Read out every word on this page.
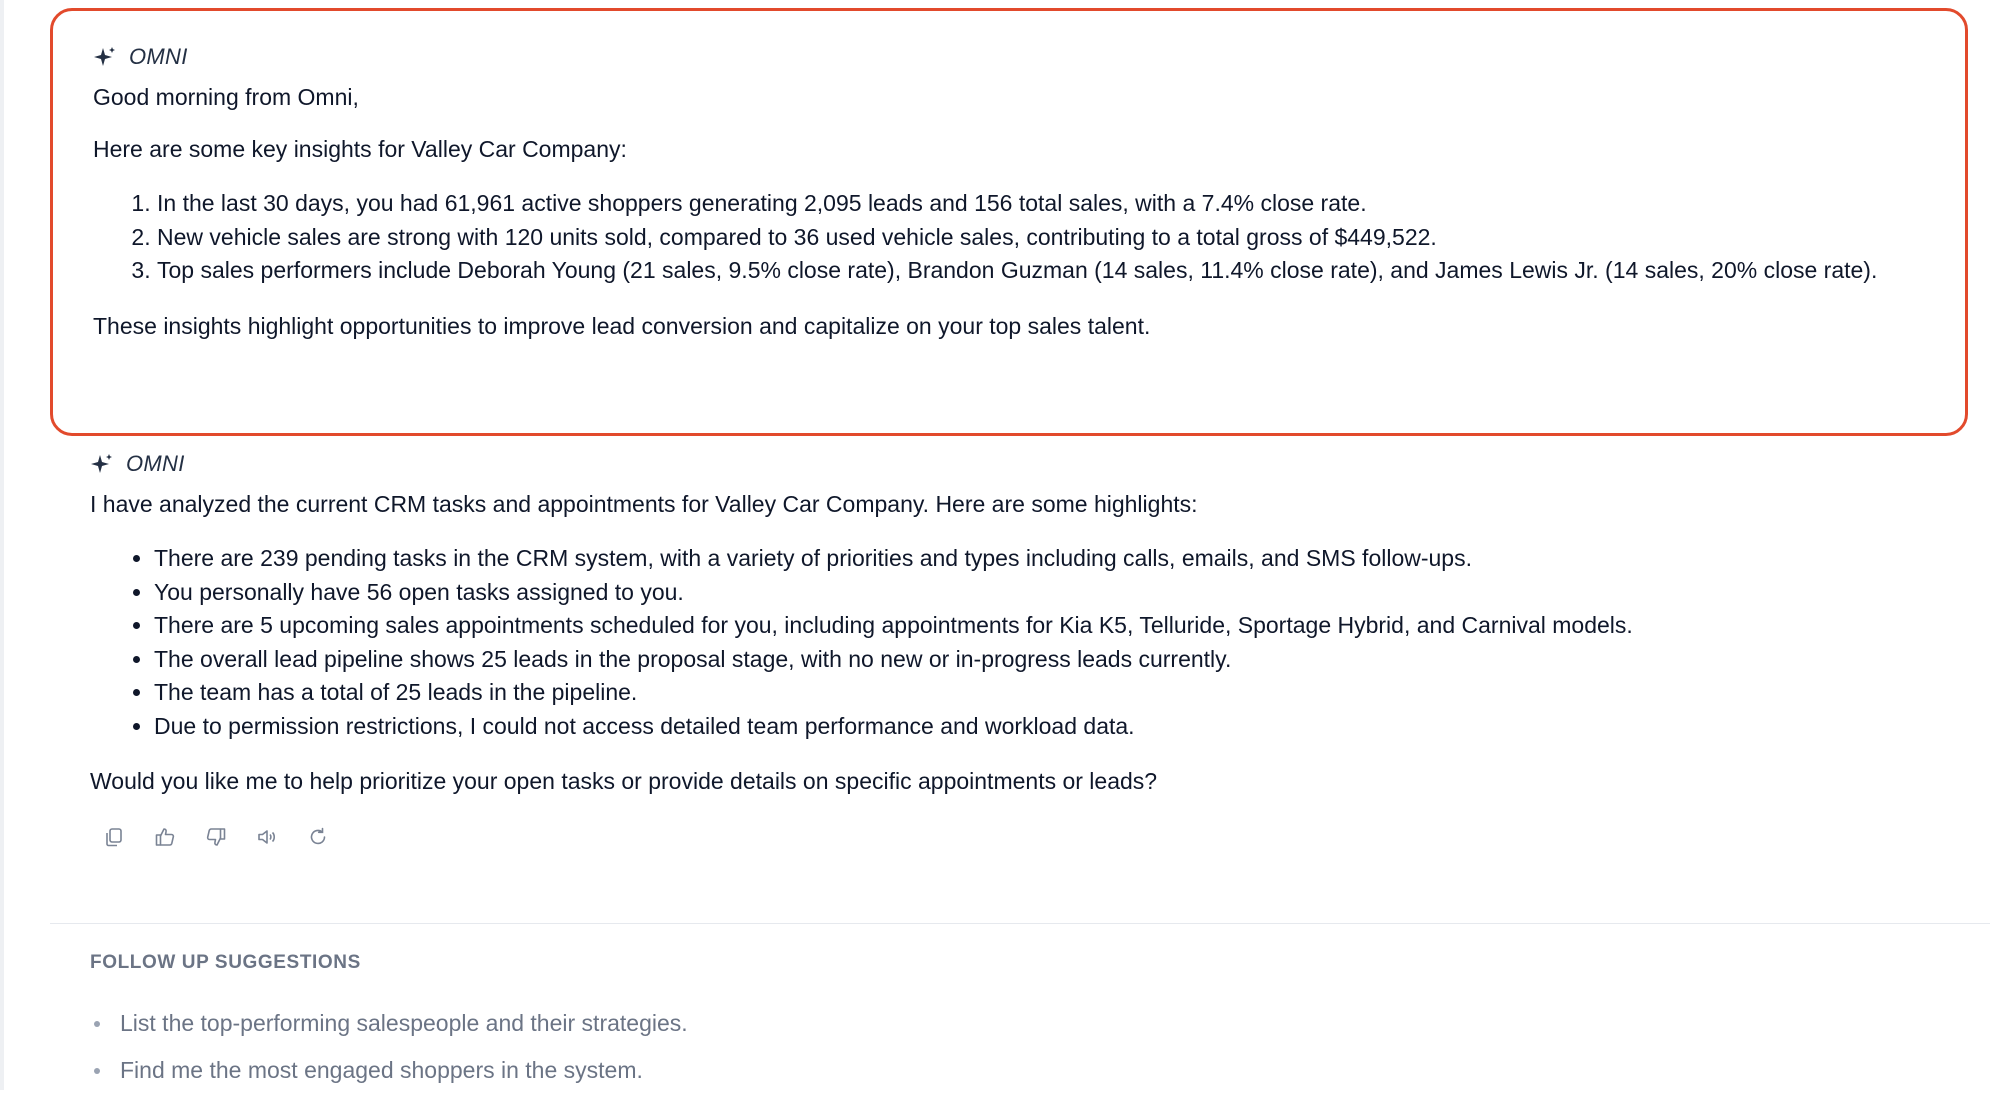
OMNI

Good morning from Omni,

Here are some key insights for Valley Car Company:

1. In the last 30 days, you had 61,961 active shoppers generating 2,095 leads and 156 total sales, with a 7.4% close rate.
2. New vehicle sales are strong with 120 units sold, compared to 36 used vehicle sales, contributing to a total gross of $449,522.
3. Top sales performers include Deborah Young (21 sales, 9.5% close rate), Brandon Guzman (14 sales, 11.4% close rate), and James Lewis Jr. (14 sales, 20% close rate).

These insights highlight opportunities to improve lead conversion and capitalize on your top sales talent.

OMNI

I have analyzed the current CRM tasks and appointments for Valley Car Company. Here are some highlights:

• There are 239 pending tasks in the CRM system, with a variety of priorities and types including calls, emails, and SMS follow-ups.
• You personally have 56 open tasks assigned to you.
• There are 5 upcoming sales appointments scheduled for you, including appointments for Kia K5, Telluride, Sportage Hybrid, and Carnival models.
• The overall lead pipeline shows 25 leads in the proposal stage, with no new or in-progress leads currently.
• The team has a total of 25 leads in the pipeline.
• Due to permission restrictions, I could not access detailed team performance and workload data.

Would you like me to help prioritize your open tasks or provide details on specific appointments or leads?

FOLLOW UP SUGGESTIONS
List the top-performing salespeople and their strategies.
Find me the most engaged shoppers in the system.
